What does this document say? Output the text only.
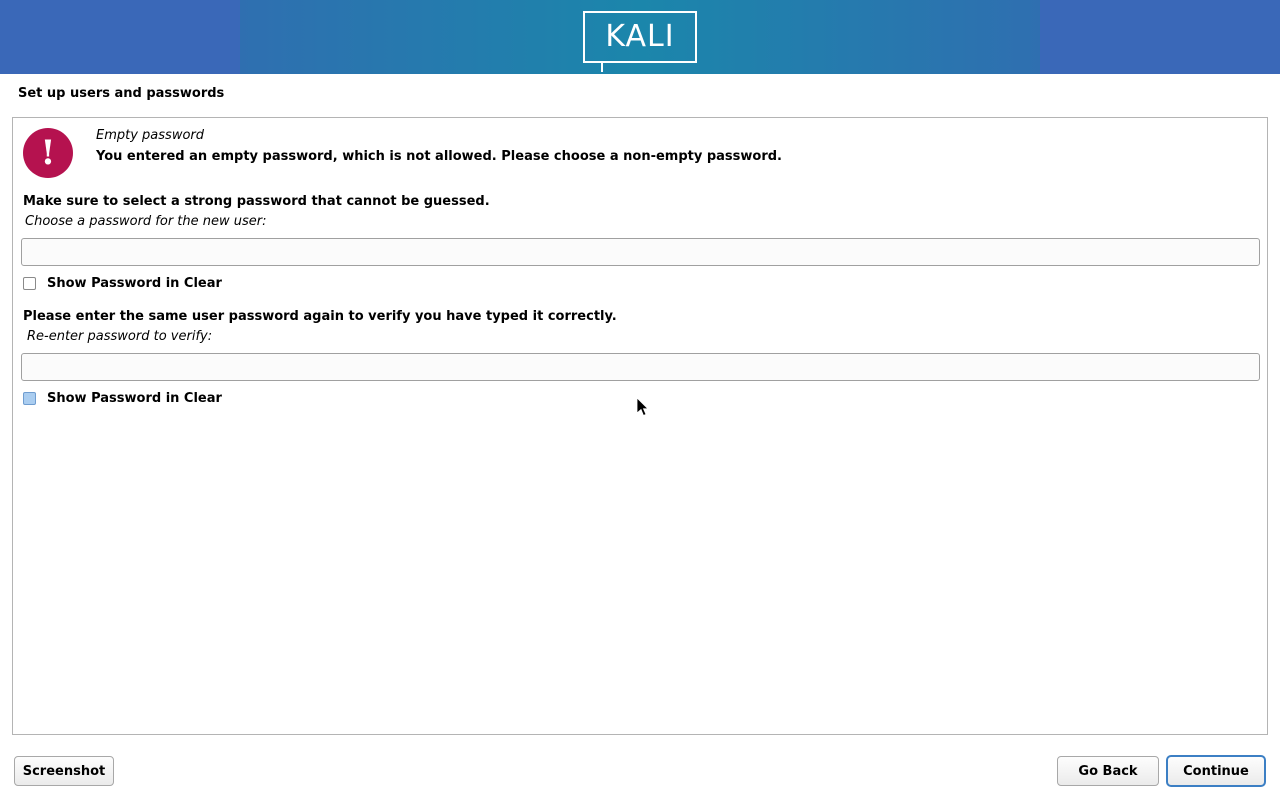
KALI
Set up users and passwords
!	Empty password
You entered an empty password, which is not allowed. Please choose a non-empty password.
Make sure to select a strong password that cannot be guessed.
Choose a password for the new user:
Show Password in Clear
Please enter the same user password again to verify you have typed it correctly.
Re-enter password to verify:
Show Password in Clear
Screenshot	Go Back	Continue
